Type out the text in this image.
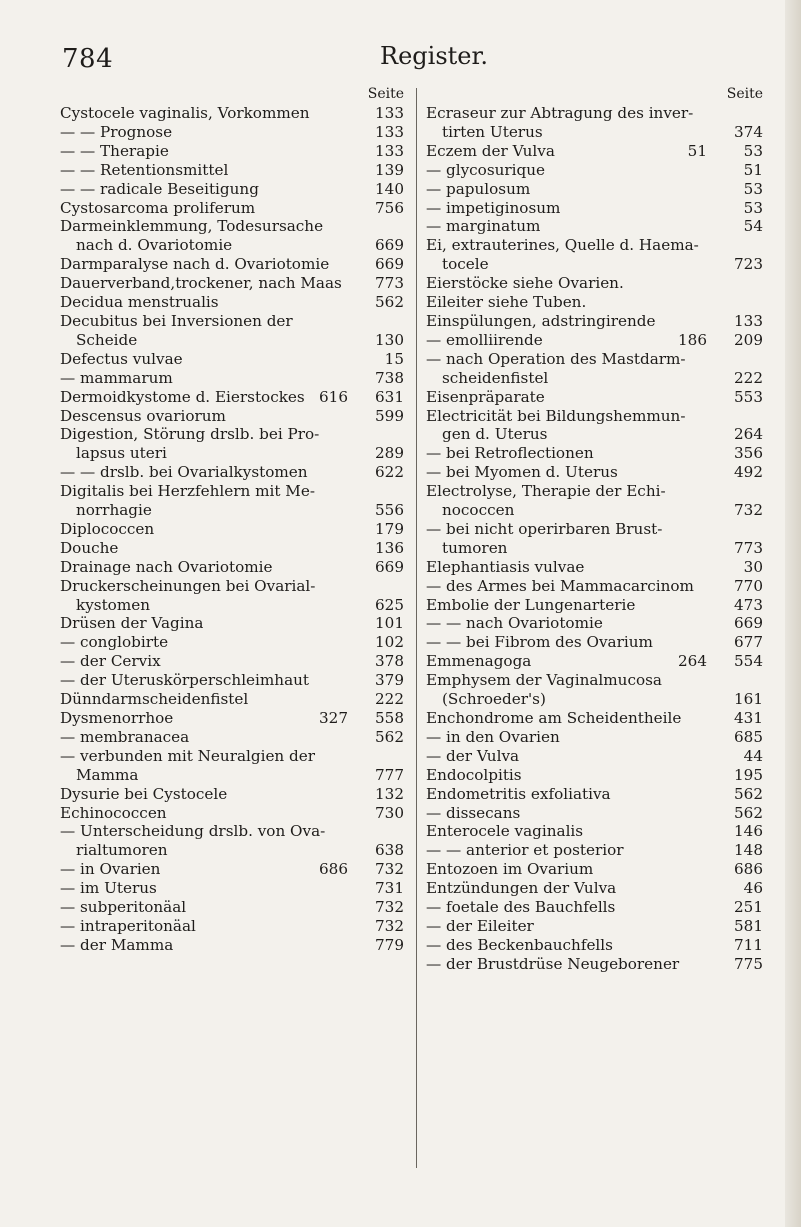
784	Register.
Seite
Cystocele vaginalis, Vorkommen	133
— — Prognose	133
— — Therapie	133
— — Retentionsmittel	139
— — radicale Beseitigung	140
Cystosarcoma proliferum	756
Darmeinklemmung, Todesursache
nach d. Ovariotomie	669
Darmparalyse nach d. Ovariotomie	669
Dauerverband,trockener, nach Maas	773
Decidua menstrualis	562
Decubitus bei Inversionen der
Scheide	130
Defectus vulvae	15
— mammarum	738
Dermoidkystome d. Eierstockes 616	631
Descensus ovariorum	599
Digestion, Störung drslb. bei Pro-
lapsus uteri	289
— — drslb. bei Ovarialkystomen	622
Digitalis bei Herzfehlern mit Me-
norrhagie	556
Diplococcen	179
Douche	136
Drainage nach Ovariotomie	669
Druckerscheinungen bei Ovarial-
kystomen	625
Drüsen der Vagina	101
— conglobirte	102
— der Cervix	378
— der Uteruskörperschleimhaut	379
Dünndarmscheidenfistel	222
Dysmenorrhoe	327	558
— membranacea	562
— verbunden mit Neuralgien der
Mamma	777
Dysurie bei Cystocele	132
Echinococcen	730
— Unterscheidung drslb. von Ova-
rialtumoren	638
— in Ovarien	686	732
— im Uterus	731
— subperitonäal	732
— intraperitonäal	732
— der Mamma	779
Seite
Ecraseur zur Abtragung des inver-
tirten Uterus	374
Eczem der Vulva	51	53
— glycosurique	51
— papulosum	53
— impetiginosum	53
— marginatum	54
Ei, extrauterines, Quelle d. Haema-
tocele	723
Eierstöcke siehe Ovarien.
Eileiter siehe Tuben.
Einspülungen, adstringirende	133
— emolliirende	186	209
— nach Operation des Mastdarm-
scheidenfistel	222
Eisenpräparate	553
Electricität bei Bildungshemmun-
gen d. Uterus	264
— bei Retroflectionen	356
— bei Myomen d. Uterus	492
Electrolyse, Therapie der Echi-
nococcen	732
— bei nicht operirbaren Brust-
tumoren	773
Elephantiasis vulvae	30
— des Armes bei Mammacarcinom	770
Embolie der Lungenarterie	473
— — nach Ovariotomie	669
— — bei Fibrom des Ovarium	677
Emmenagoga	264	554
Emphysem der Vaginalmucosa
(Schroeder's)	161
Enchondrome am Scheidentheile	431
— in den Ovarien	685
— der Vulva	44
Endocolpitis	195
Endometritis exfoliativa	562
— dissecans	562
Enterocele vaginalis	146
— — anterior et posterior	148
Entozoen im Ovarium	686
Entzündungen der Vulva	46
— foetale des Bauchfells	251
— der Eileiter	581
— des Beckenbauchfells	711
— der Brustdrüse Neugeborener	775
